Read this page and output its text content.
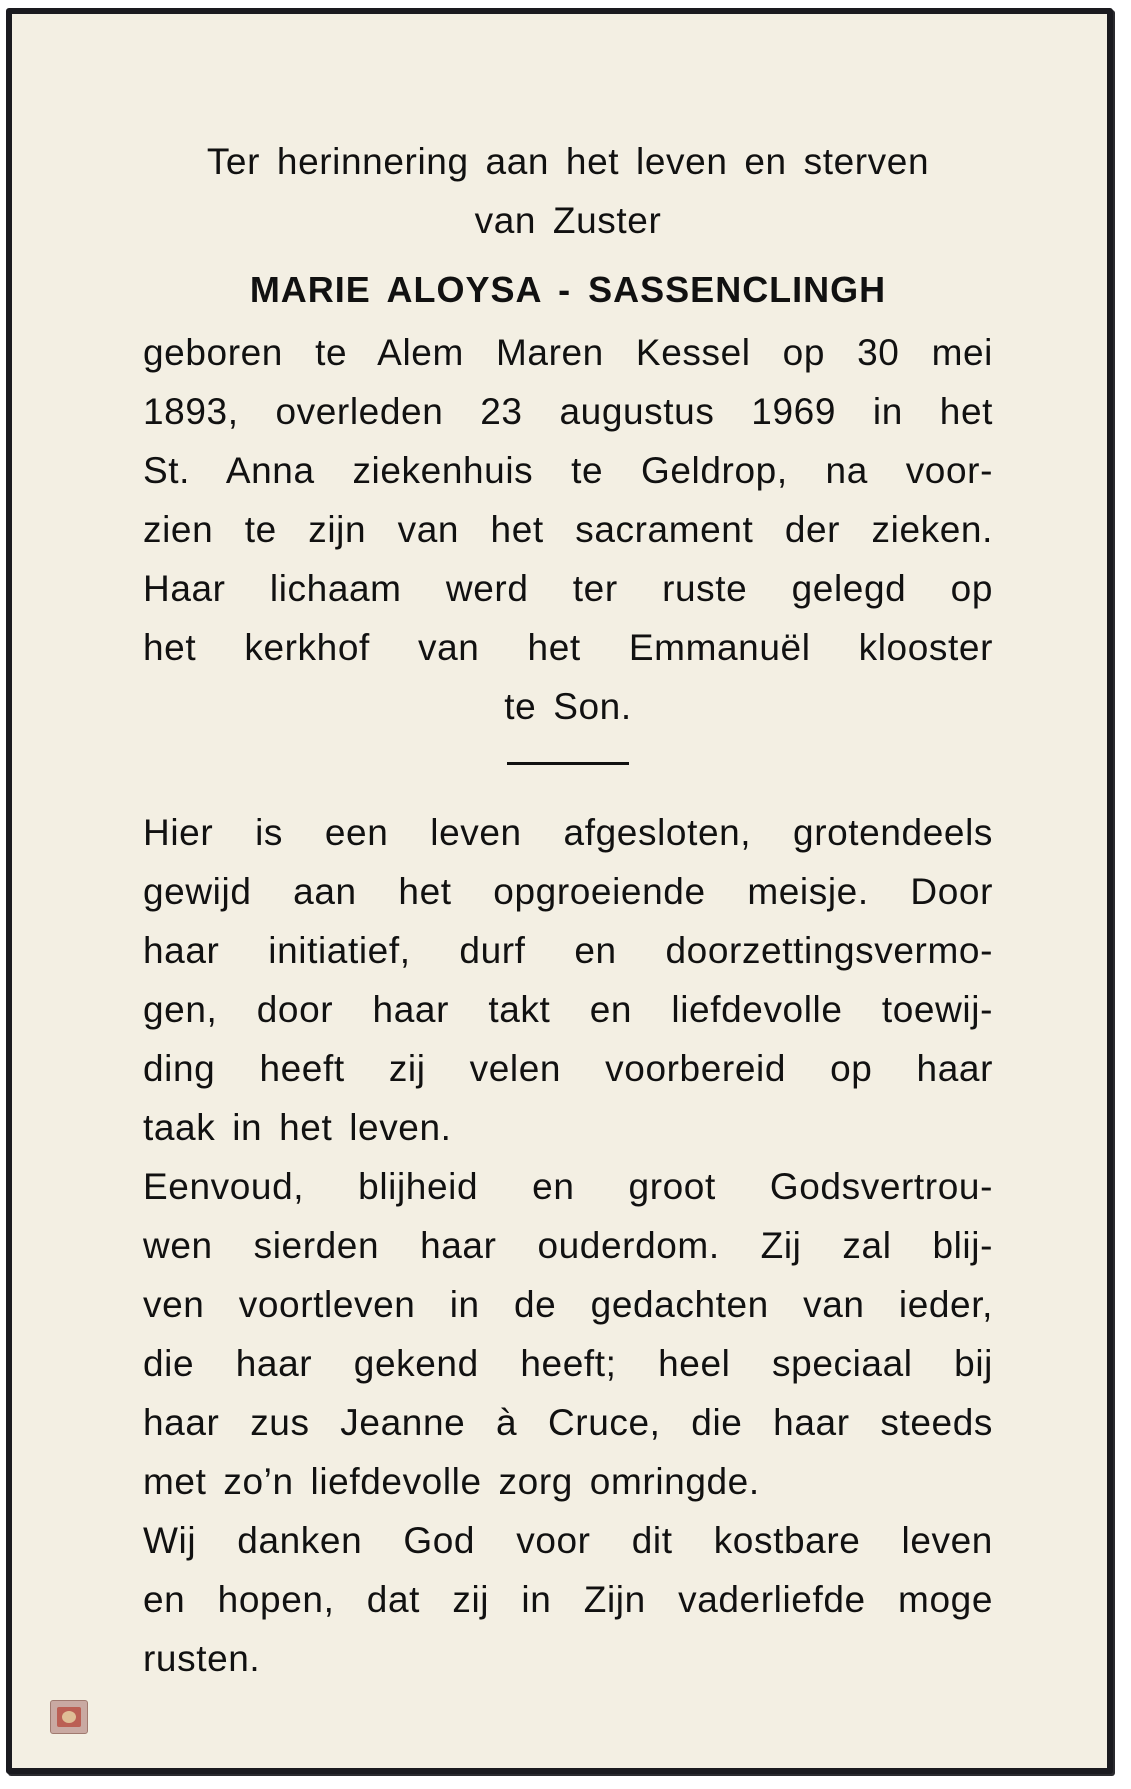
Ter herinnering aan het leven en sterven
van Zuster
MARIE ALOYSA - SASSENCLINGH
geboren te Alem Maren Kessel op 30 mei
1893, overleden 23 augustus 1969 in het
St. Anna ziekenhuis te Geldrop, na voor-
zien te zijn van het sacrament der zieken.
Haar lichaam werd ter ruste gelegd op
het kerkhof van het Emmanuël klooster
te Son.
Hier is een leven afgesloten, grotendeels
gewijd aan het opgroeiende meisje. Door
haar initiatief, durf en doorzettingsvermo-
gen, door haar takt en liefdevolle toewij-
ding heeft zij velen voorbereid op haar
taak in het leven.
Eenvoud, blijheid en groot Godsvertrou-
wen sierden haar ouderdom. Zij zal blij-
ven voortleven in de gedachten van ieder,
die haar gekend heeft; heel speciaal bij
haar zus Jeanne à Cruce, die haar steeds
met zo’n liefdevolle zorg omringde.
Wij danken God voor dit kostbare leven
en hopen, dat zij in Zijn vaderliefde moge
rusten.
